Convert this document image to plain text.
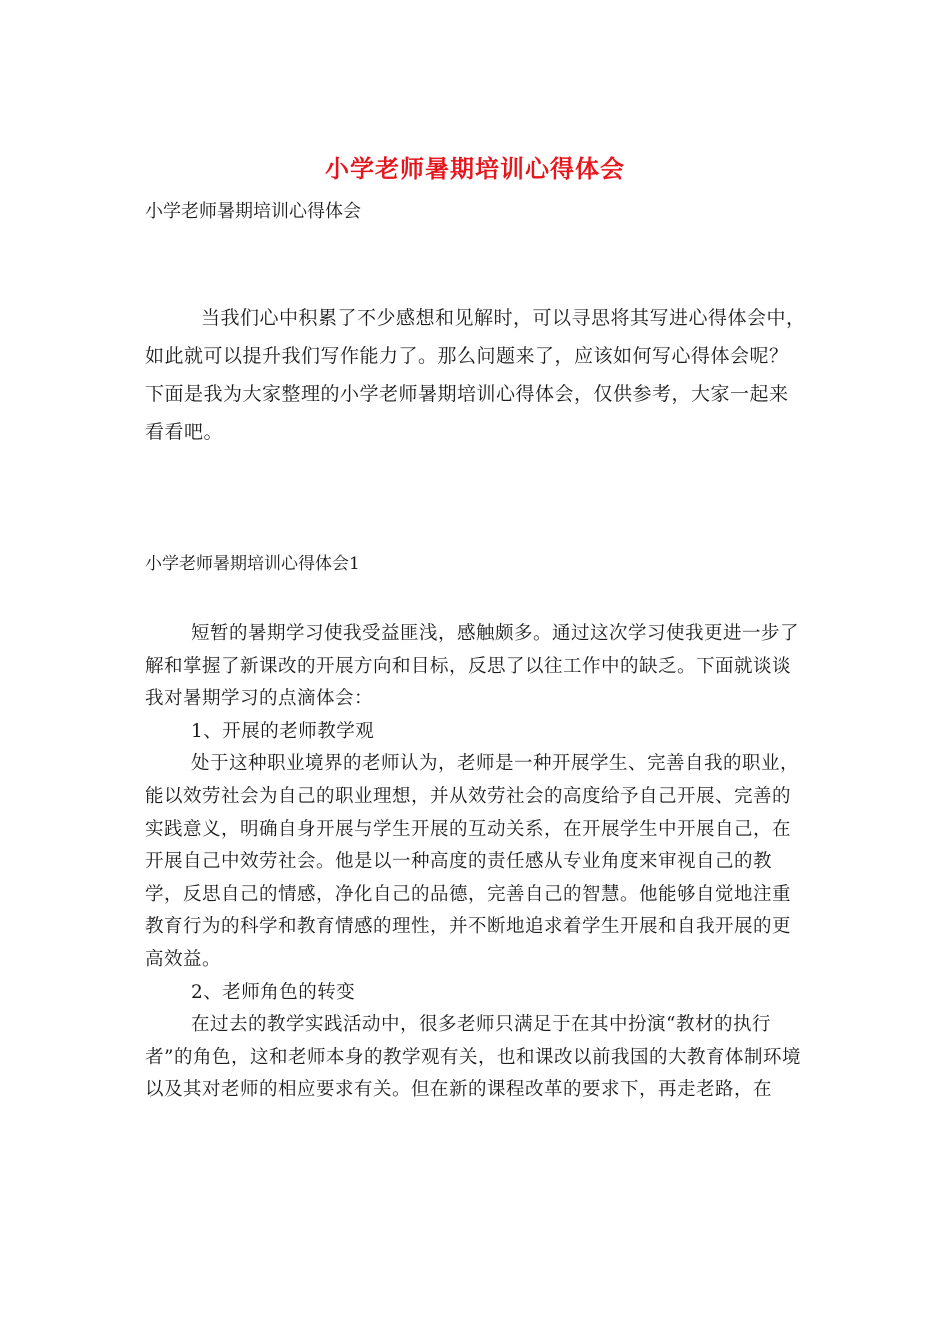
小学老师暑期培训心得体会
小学老师暑期培训心得体会
当我们心中积累了不少感想和见解时，可以寻思将其写进心得体会中，如此就可以提升我们写作能力了。那么问题来了，应该如何写心得体会呢？下面是我为大家整理的小学老师暑期培训心得体会，仅供参考，大家一起来看看吧。
小学老师暑期培训心得体会1

短暂的暑期学习使我受益匪浅，感触颇多。通过这次学习使我更进一步了解和掌握了新课改的开展方向和目标，反思了以往工作中的缺乏。下面就谈谈我对暑期学习的点滴体会：

1、开展的老师教学观

处于这种职业境界的老师认为，老师是一种开展学生、完善自我的职业，能以效劳社会为自己的职业理想，并从效劳社会的高度给予自己开展、完善的实践意义，明确自身开展与学生开展的互动关系，在开展学生中开展自己，在开展自己中效劳社会。他是以一种高度的责任感从专业角度来审视自己的教学，反思自己的情感，净化自己的品德，完善自己的智慧。他能够自觉地注重教育行为的科学和教育情感的理性，并不断地追求着学生开展和自我开展的更高效益。

2、老师角色的转变

在过去的教学实践活动中，很多老师只满足于在其中扮演“教材的执行者”的角色，这和老师本身的教学观有关，也和课改以前我国的大教育体制环境以及其对老师的相应要求有关。但在新的课程改革的要求下，再走老路，在
